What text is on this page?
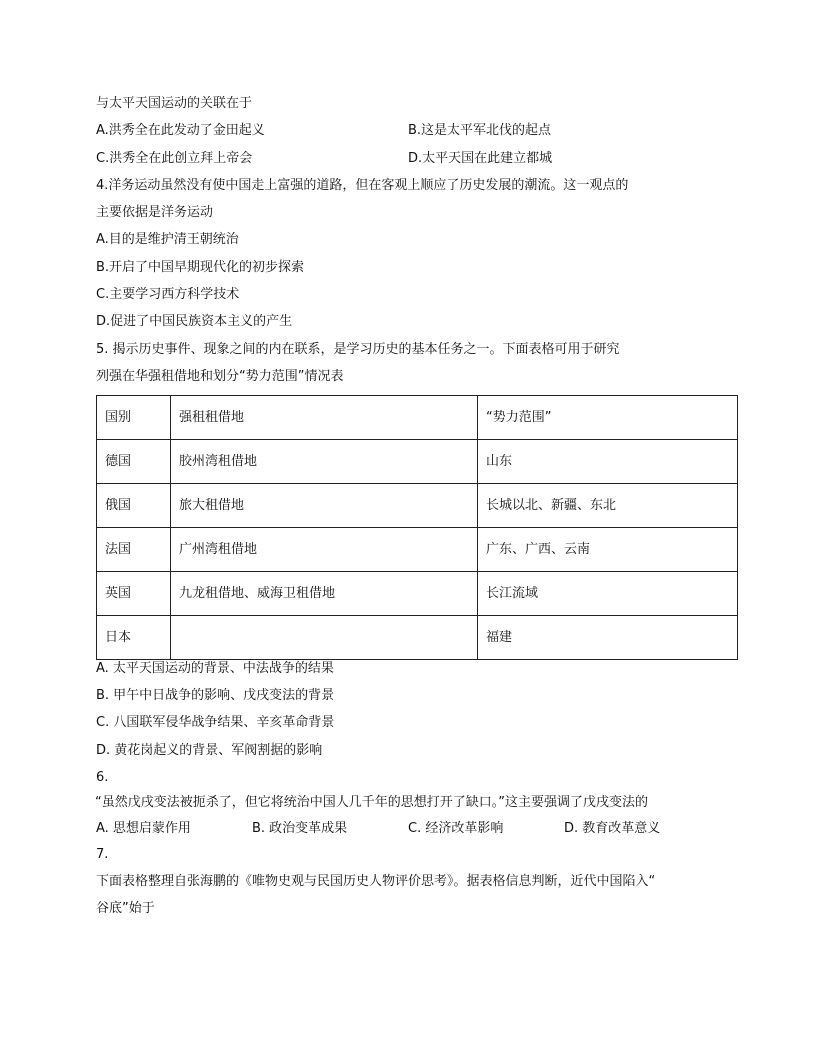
与太平天国运动的关联在于
A.洪秀全在此发动了金田起义	B.这是太平军北伐的起点
C.洪秀全在此创立拜上帝会	D.太平天国在此建立都城
4.洋务运动虽然没有使中国走上富强的道路，但在客观上顺应了历史发展的潮流。这一观点的
主要依据是洋务运动
A.目的是维护清王朝统治
B.开启了中国早期现代化的初步探索
C.主要学习西方科学技术
D.促进了中国民族资本主义的产生
5. 揭示历史事件、现象之间的内在联系，是学习历史的基本任务之一。下面表格可用于研究
列强在华强租借地和划分“势力范围”情况表
国别	强租租借地	“势力范围”
德国	胶州湾租借地	山东
俄国	旅大租借地	长城以北、新疆、东北
法国	广州湾租借地	广东、广西、云南
英国	九龙租借地、威海卫租借地	长江流域
日本		福建
A. 太平天国运动的背景、中法战争的结果
B. 甲午中日战争的影响、戊戌变法的背景
C. 八国联军侵华战争结果、辛亥革命背景
D. 黄花岗起义的背景、军阀割据的影响
6.
“虽然戊戌变法被扼杀了，但它将统治中国人几千年的思想打开了缺口。”这主要强调了戊戌变法的
A. 思想启蒙作用	B. 政治变革成果	C. 经济改革影响	D. 教育改革意义
7.
下面表格整理自张海鹏的《唯物史观与民国历史人物评价思考》。据表格信息判断，近代中国陷入“
谷底”始于
